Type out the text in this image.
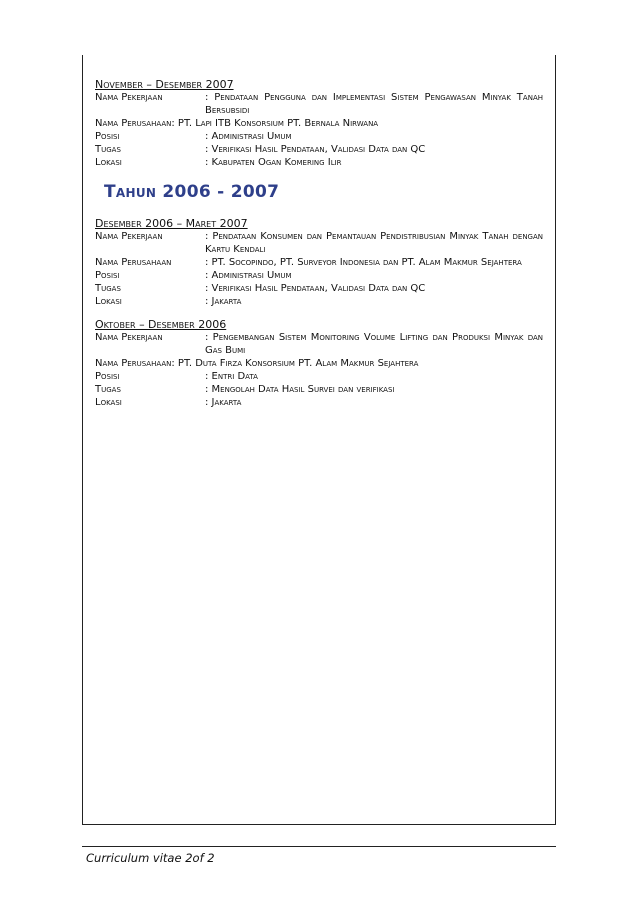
November – Desember 2007
Nama Pekerjaan	: Pendataan Pengguna dan Implementasi Sistem Pengawasan Minyak Tanah Bersubsidi
Nama Perusahaan : PT. Lapi ITB Konsorsium PT. Bernala Nirwana
Posisi	: Administrasi Umum
Tugas	: Verifikasi Hasil Pendataan, Validasi Data dan QC
Lokasi	: Kabupaten Ogan Komering Ilir
Tahun 2006 - 2007
Desember 2006 – Maret 2007
Nama Pekerjaan	: Pendataan Konsumen dan Pemantauan Pendistribusian Minyak Tanah dengan Kartu Kendali
Nama Perusahaan	: PT. Socopindo, PT. Surveyor Indonesia dan PT. Alam Makmur Sejahtera
Posisi	: Administrasi Umum
Tugas	: Verifikasi Hasil Pendataan, Validasi Data dan QC
Lokasi	: Jakarta
Oktober – Desember 2006
Nama Pekerjaan	: Pengembangan Sistem Monitoring Volume Lifting dan Produksi Minyak dan Gas Bumi
Nama Perusahaan : PT. Duta Firza Konsorsium PT. Alam Makmur Sejahtera
Posisi	: Entri Data
Tugas	: Mengolah Data Hasil Survei dan verifikasi
Lokasi	: Jakarta
Curriculum vitae 2of 2
